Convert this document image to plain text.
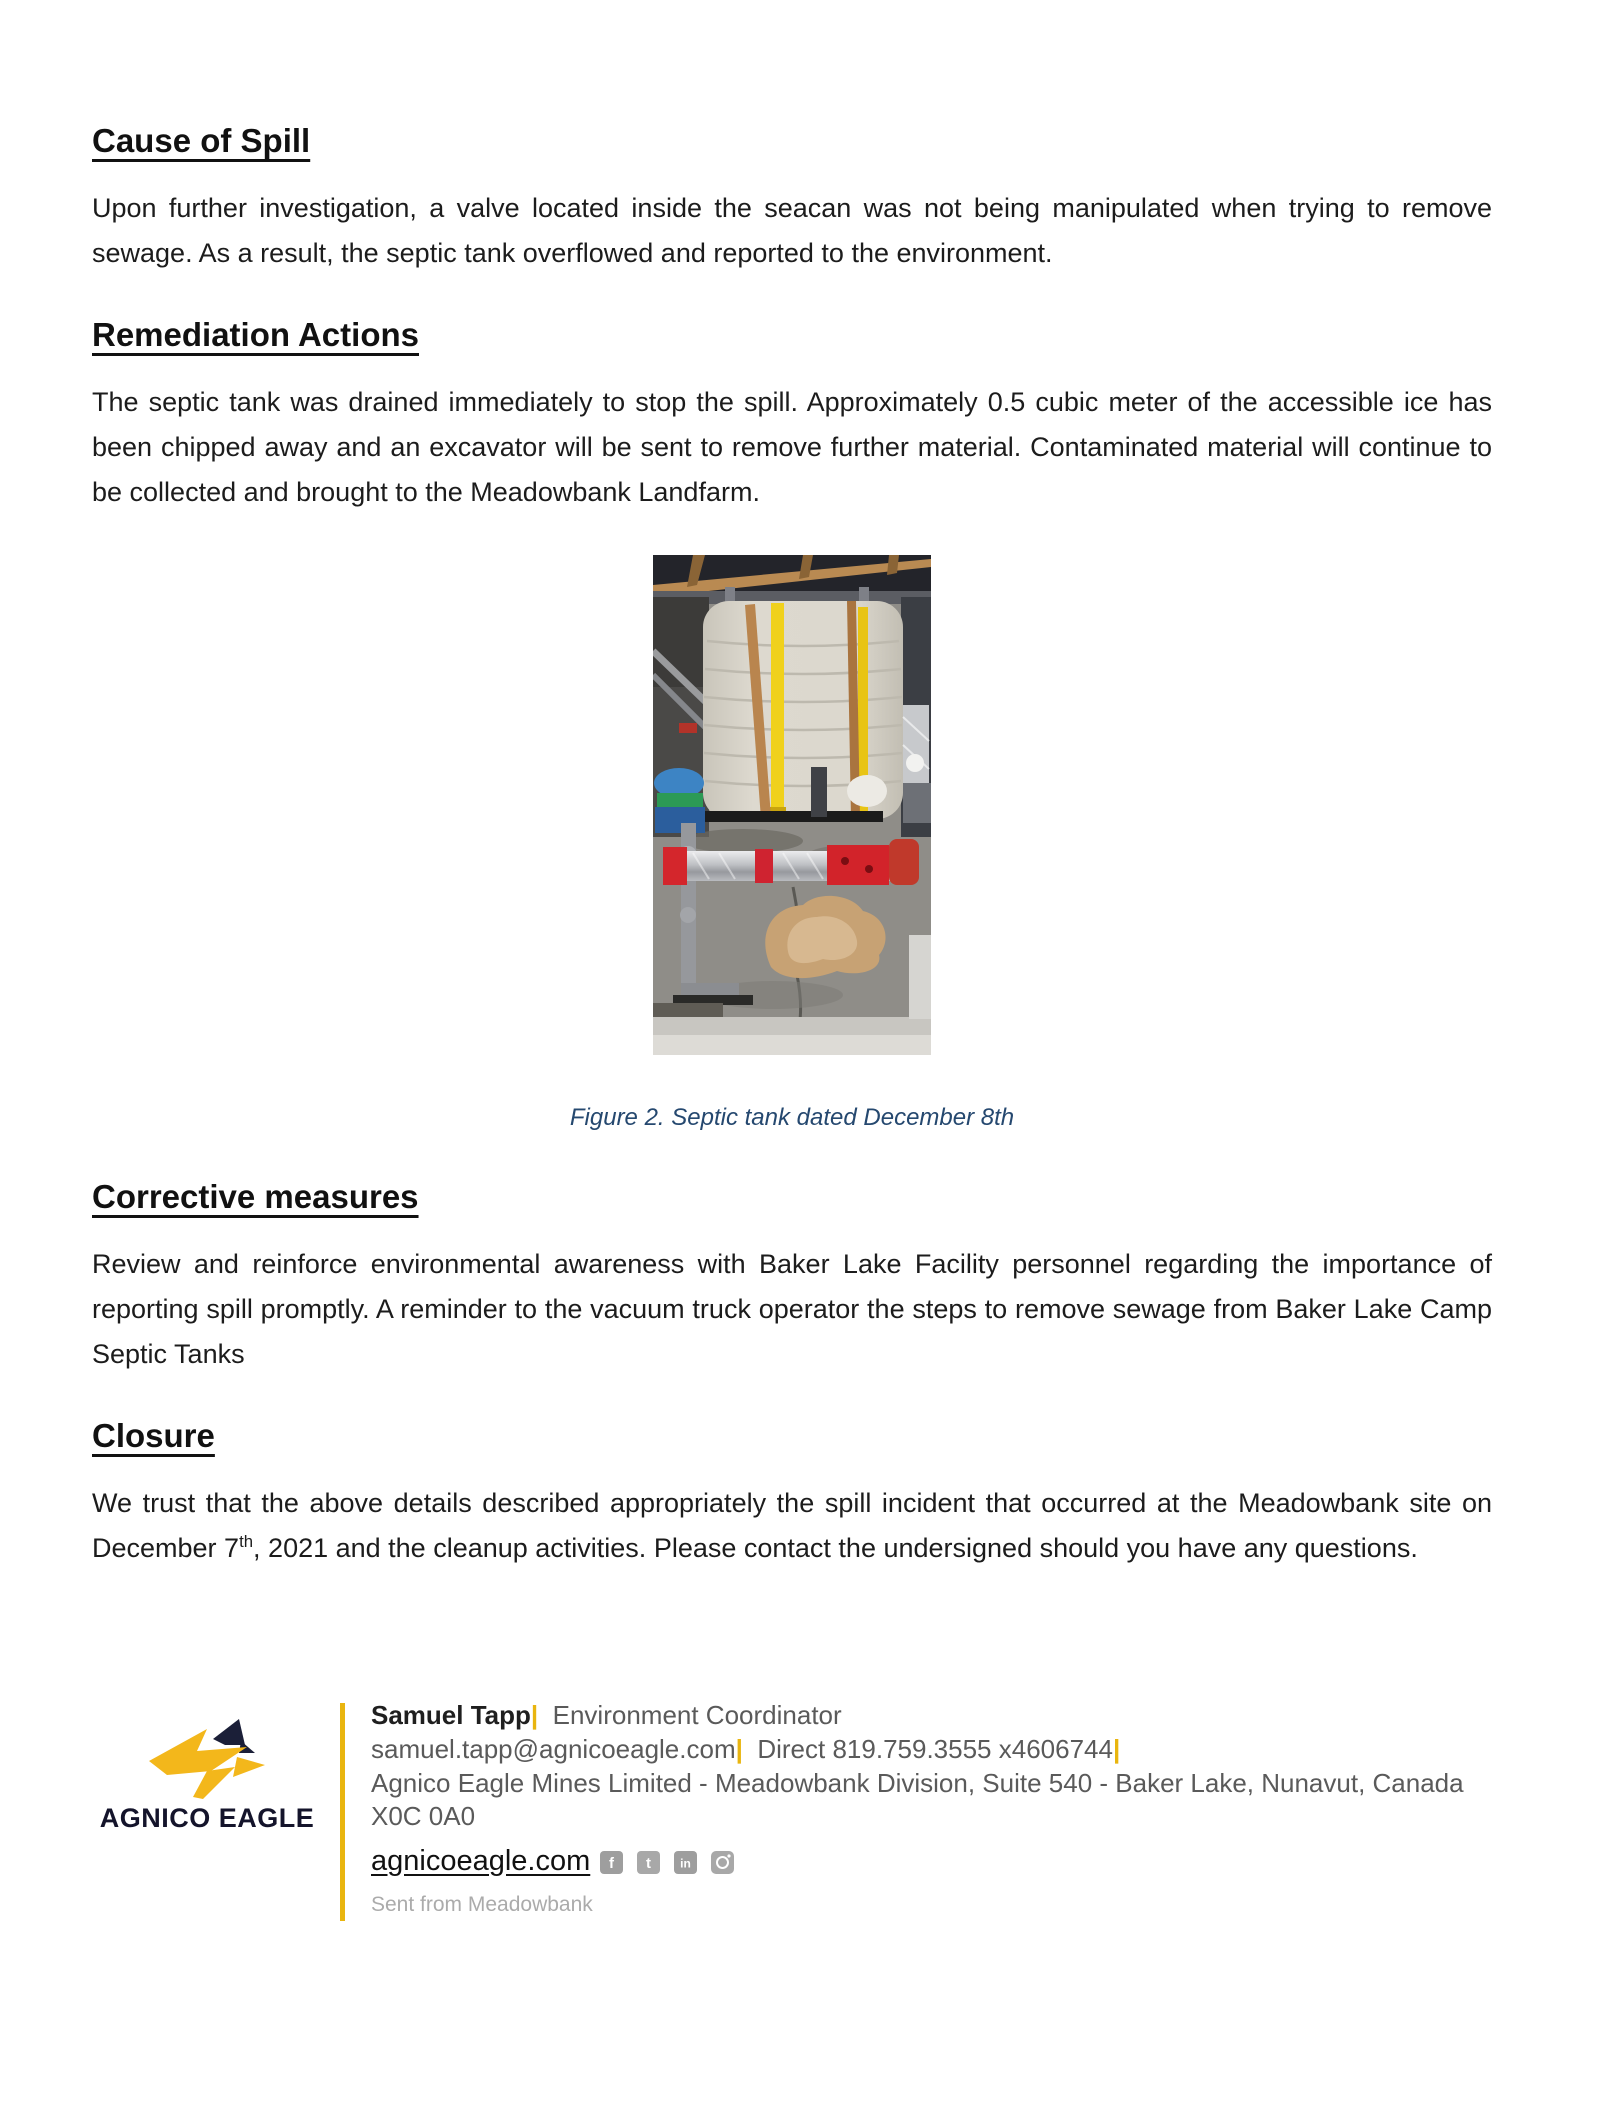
Cause of Spill

Upon further investigation, a valve located inside the seacan was not being manipulated when trying to remove sewage. As a result, the septic tank overflowed and reported to the environment.

Remediation Actions

The septic tank was drained immediately to stop the spill. Approximately 0.5 cubic meter of the accessible ice has been chipped away and an excavator will be sent to remove further material. Contaminated material will continue to be collected and brought to the Meadowbank Landfarm.

Figure 2. Septic tank dated December 8th
Corrective measures

Review and reinforce environmental awareness with Baker Lake Facility personnel regarding the importance of reporting spill promptly. A reminder to the vacuum truck operator the steps to remove sewage from Baker Lake Camp Septic Tanks

Closure

We trust that the above details described appropriately the spill incident that occurred at the Meadowbank site on December 7th, 2021 and the cleanup activities. Please contact the undersigned should you have any questions.

AGNICO EAGLE
Samuel Tapp| Environment Coordinator
samuel.tapp@agnicoeagle.com| Direct 819.759.3555 x4606744|
Agnico Eagle Mines Limited - Meadowbank Division, Suite 540 - Baker Lake, Nunavut, Canada X0C 0A0
agnicoeagle.com f t in
Sent from Meadowbank
